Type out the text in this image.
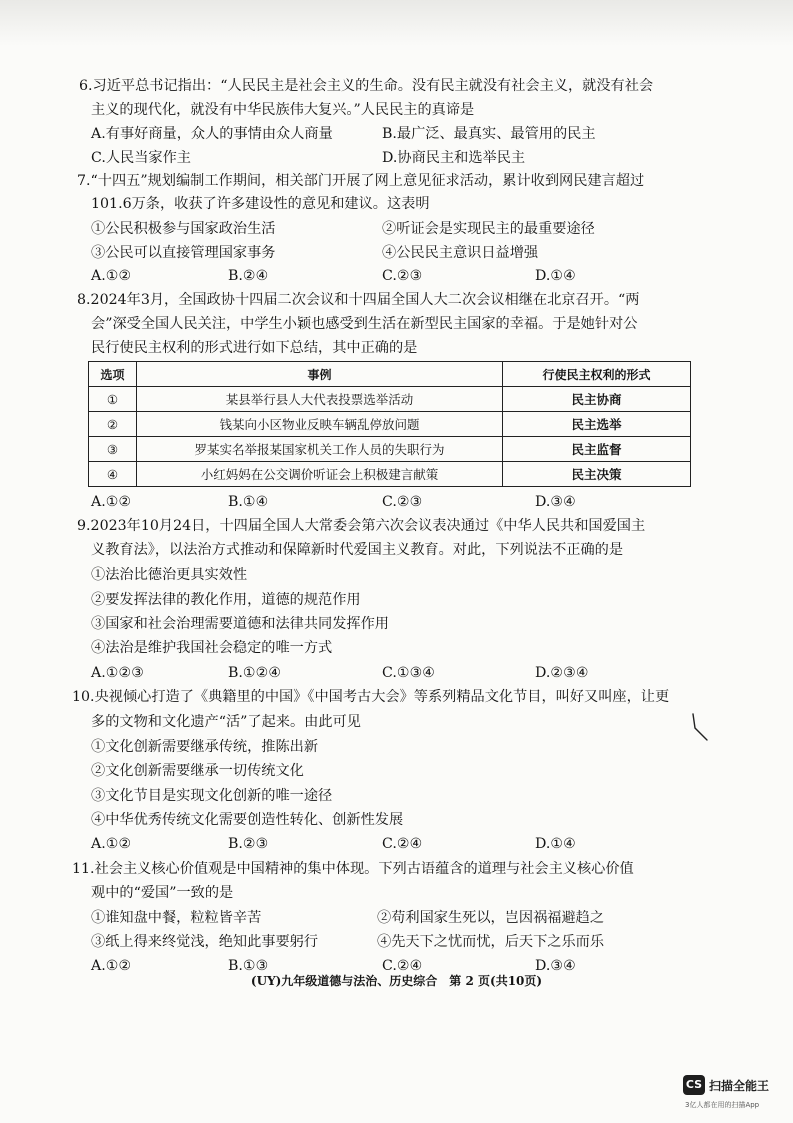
6.习近平总书记指出：“人民民主是社会主义的生命。没有民主就没有社会主义，就没有社会
主义的现代化，就没有中华民族伟大复兴。”人民民主的真谛是
A.有事好商量，众人的事情由众人商量	B.最广泛、最真实、最管用的民主
C.人民当家作主	D.协商民主和选举民主
7.“十四五”规划编制工作期间，相关部门开展了网上意见征求活动，累计收到网民建言超过
101.6万条，收获了许多建设性的意见和建议。这表明
①公民积极参与国家政治生活	②听证会是实现民主的最重要途径
③公民可以直接管理国家事务	④公民民主意识日益增强
A.①②	B.②④	C.②③	D.①④
8.2024年3月，全国政协十四届二次会议和十四届全国人大二次会议相继在北京召开。“两
会”深受全国人民关注，中学生小颖也感受到生活在新型民主国家的幸福。于是她针对公
民行使民主权利的形式进行如下总结，其中正确的是
选项	事例	行使民主权利的形式
①	某县举行县人大代表投票选举活动	民主协商
②	钱某向小区物业反映车辆乱停放问题	民主选举
③	罗某实名举报某国家机关工作人员的失职行为	民主监督
④	小红妈妈在公交调价听证会上积极建言献策	民主决策
A.①②	B.①④	C.②③	D.③④
9.2023年10月24日，十四届全国人大常委会第六次会议表决通过《中华人民共和国爱国主
义教育法》，以法治方式推动和保障新时代爱国主义教育。对此，下列说法不正确的是
①法治比德治更具实效性
②要发挥法律的教化作用，道德的规范作用
③国家和社会治理需要道德和法律共同发挥作用
④法治是维护我国社会稳定的唯一方式
A.①②③	B.①②④	C.①③④	D.②③④
10.央视倾心打造了《典籍里的中国》《中国考古大会》等系列精品文化节目，叫好又叫座，让更
多的文物和文化遗产“活”了起来。由此可见
①文化创新需要继承传统，推陈出新
②文化创新需要继承一切传统文化
③文化节目是实现文化创新的唯一途径
④中华优秀传统文化需要创造性转化、创新性发展
A.①②	B.②③	C.②④	D.①④
11.社会主义核心价值观是中国精神的集中体现。下列古语蕴含的道理与社会主义核心价值
观中的“爱国”一致的是
①谁知盘中餐，粒粒皆辛苦	②苟利国家生死以，岂因祸福避趋之
③纸上得来终觉浅，绝知此事要躬行	④先天下之忧而忧，后天下之乐而乐
A.①②	B.①③	C.②④	D.③④
(UY)九年级道德与法治、历史综合　第 2 页(共10页)
CS 扫描全能王
3亿人都在用的扫描App
